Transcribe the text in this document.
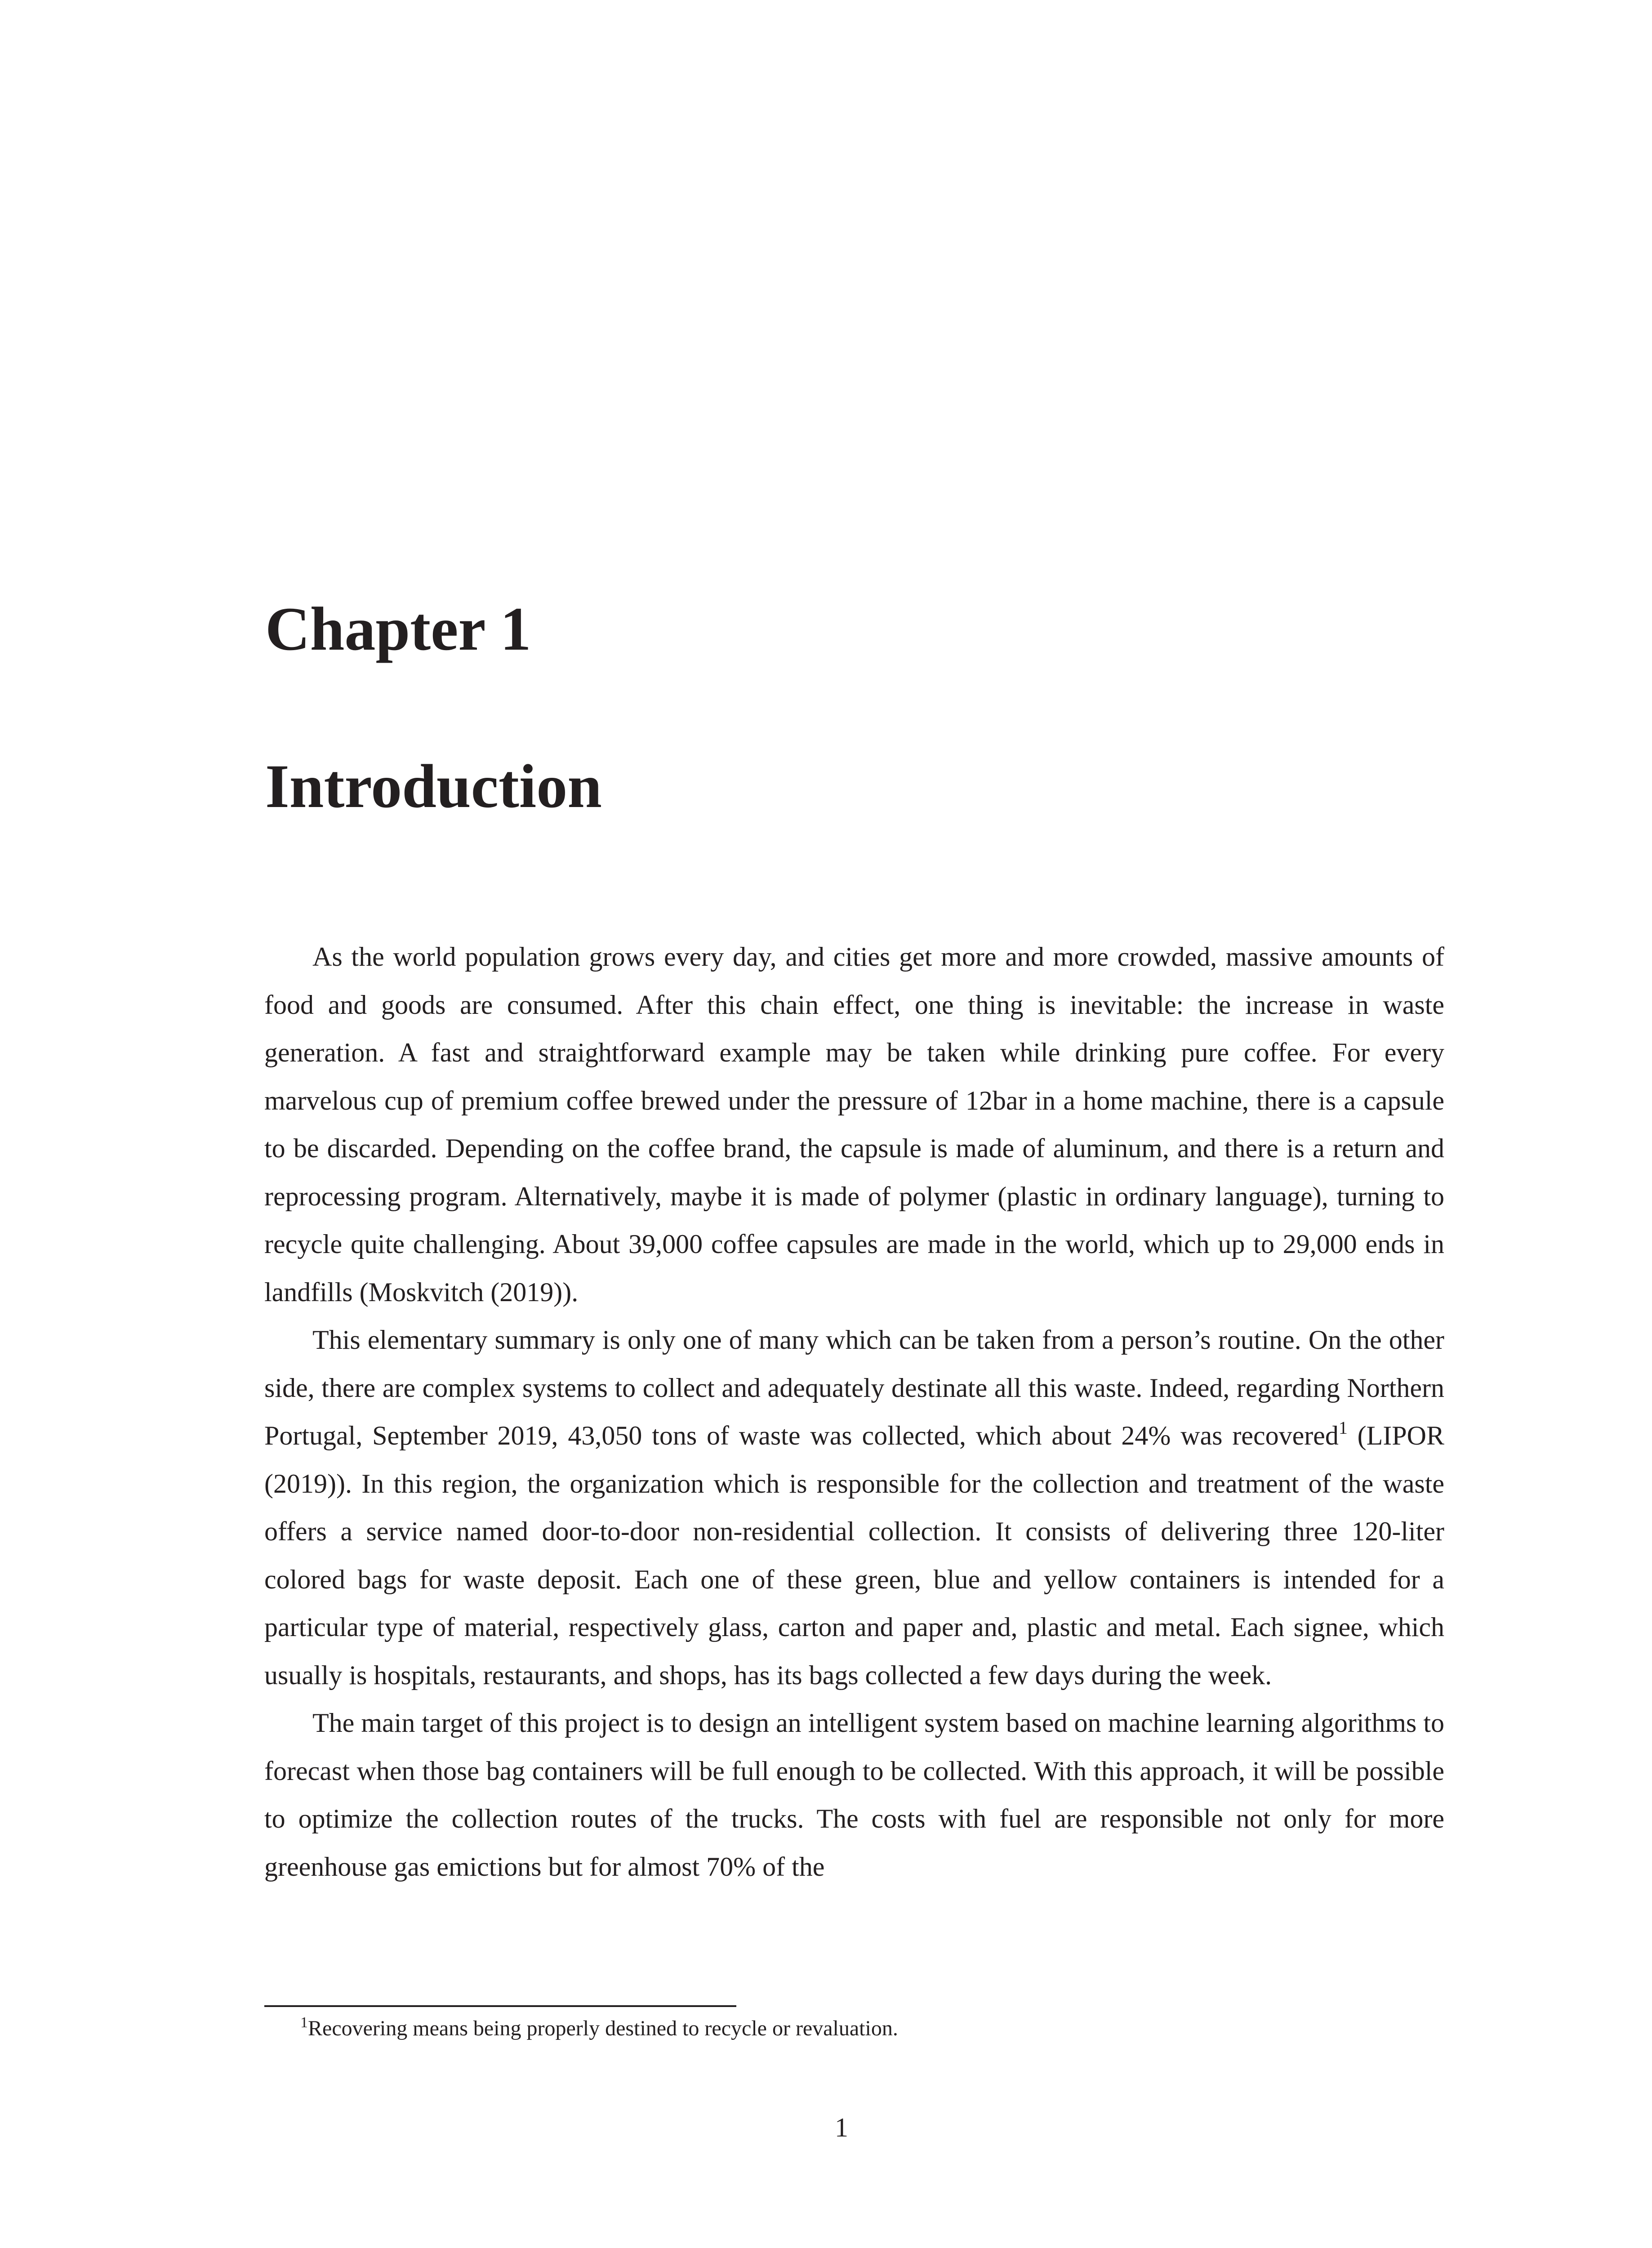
Chapter 1
Introduction

As the world population grows every day, and cities get more and more crowded, massive amounts of food and goods are consumed. After this chain effect, one thing is inevitable: the increase in waste generation. A fast and straightforward example may be taken while drinking pure coffee. For every marvelous cup of premium coffee brewed under the pressure of 12bar in a home machine, there is a capsule to be discarded. Depending on the coffee brand, the capsule is made of aluminum, and there is a return and reprocessing program. Alternatively, maybe it is made of polymer (plastic in ordinary language), turning to recycle quite challenging. About 39,000 coffee capsules are made in the world, which up to 29,000 ends in landfills (Moskvitch (2019)).

This elementary summary is only one of many which can be taken from a person’s routine. On the other side, there are complex systems to collect and adequately destinate all this waste. Indeed, regarding Northern Portugal, September 2019, 43,050 tons of waste was collected, which about 24% was recovered$^1$ (LIPOR (2019)). In this region, the organization which is responsible for the collection and treatment of the waste offers a service named door-to-door non-residential collection. It consists of delivering three 120-liter colored bags for waste deposit. Each one of these green, blue and yellow containers is intended for a particular type of material, respectively glass, carton and paper and, plastic and metal. Each signee, which usually is hospitals, restaurants, and shops, has its bags collected a few days during the week.

The main target of this project is to design an intelligent system based on machine learning algorithms to forecast when those bag containers will be full enough to be collected. With this approach, it will be possible to optimize the collection routes of the trucks. The costs with fuel are responsible not only for more greenhouse gas emictions but for almost 70% of the

$^1$Recovering means being properly destined to recycle or revaluation.
1
